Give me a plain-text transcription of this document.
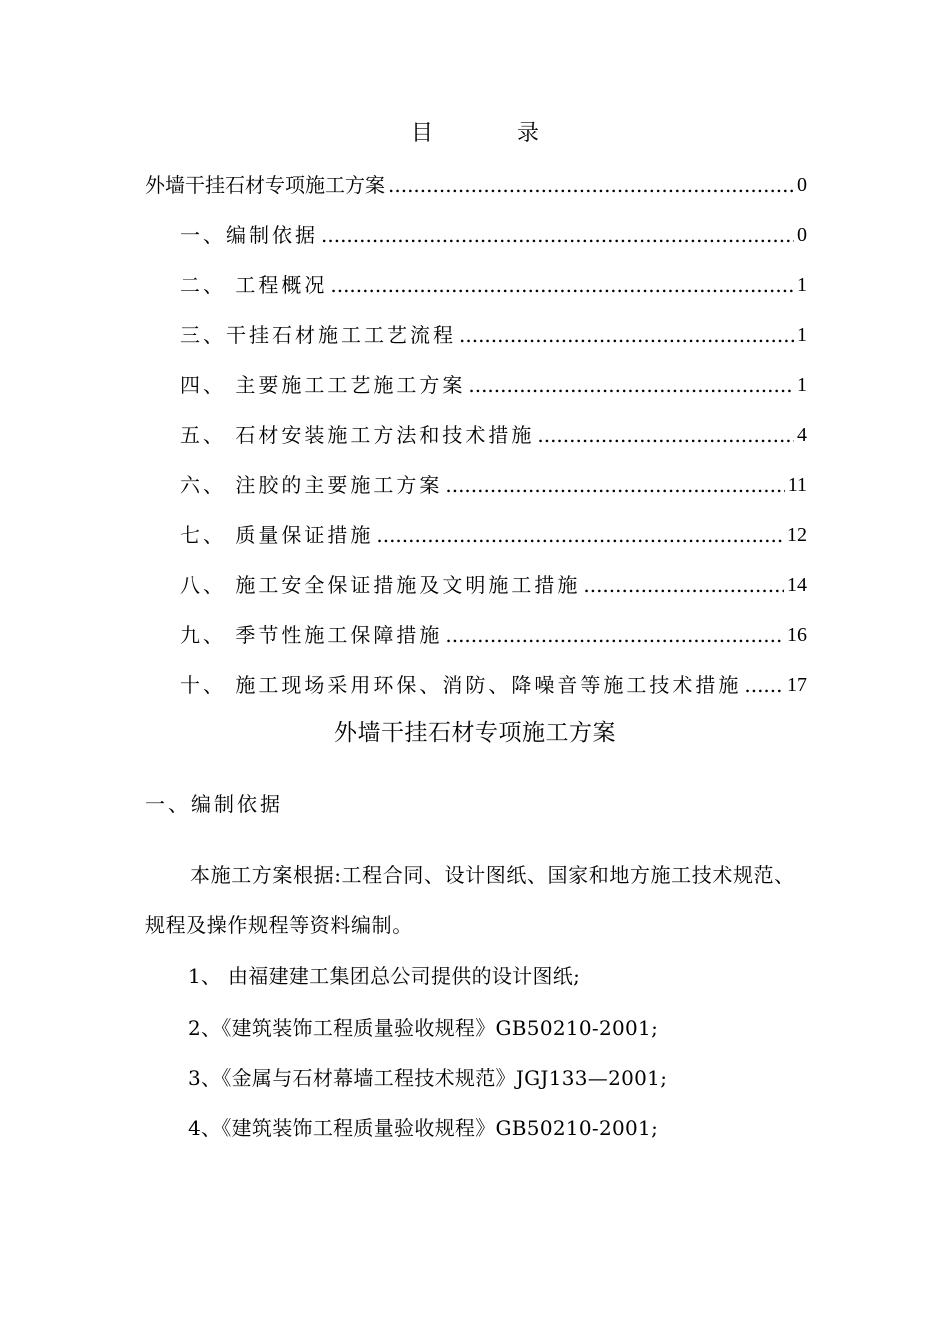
目	录
外墙干挂石材专项施工方案 .....	0
一、编制依据 .....	0
二、 工程概况 .....	1
三、干挂石材施工工艺流程 .....	1
四、 主要施工工艺施工方案 .....	1
五、 石材安装施工方法和技术措施 .....	4
六、 注胶的主要施工方案 .....	11
七、 质量保证措施 .....	12
八、 施工安全保证措施及文明施工措施 .....	14
九、 季节性施工保障措施 .....	16
十、 施工现场采用环保、消防、降噪音等施工技术措施 ..... 17
外墙干挂石材专项施工方案
一、编制依据
本施工方案根据:工程合同、设计图纸、国家和地方施工技术规范、规程及操作规程等资料编制。
1、 由福建建工集团总公司提供的设计图纸;
2、《建筑装饰工程质量验收规程》GB50210-2001;
3、《金属与石材幕墙工程技术规范》JGJ133—2001;
4、《建筑装饰工程质量验收规程》GB50210-2001;
